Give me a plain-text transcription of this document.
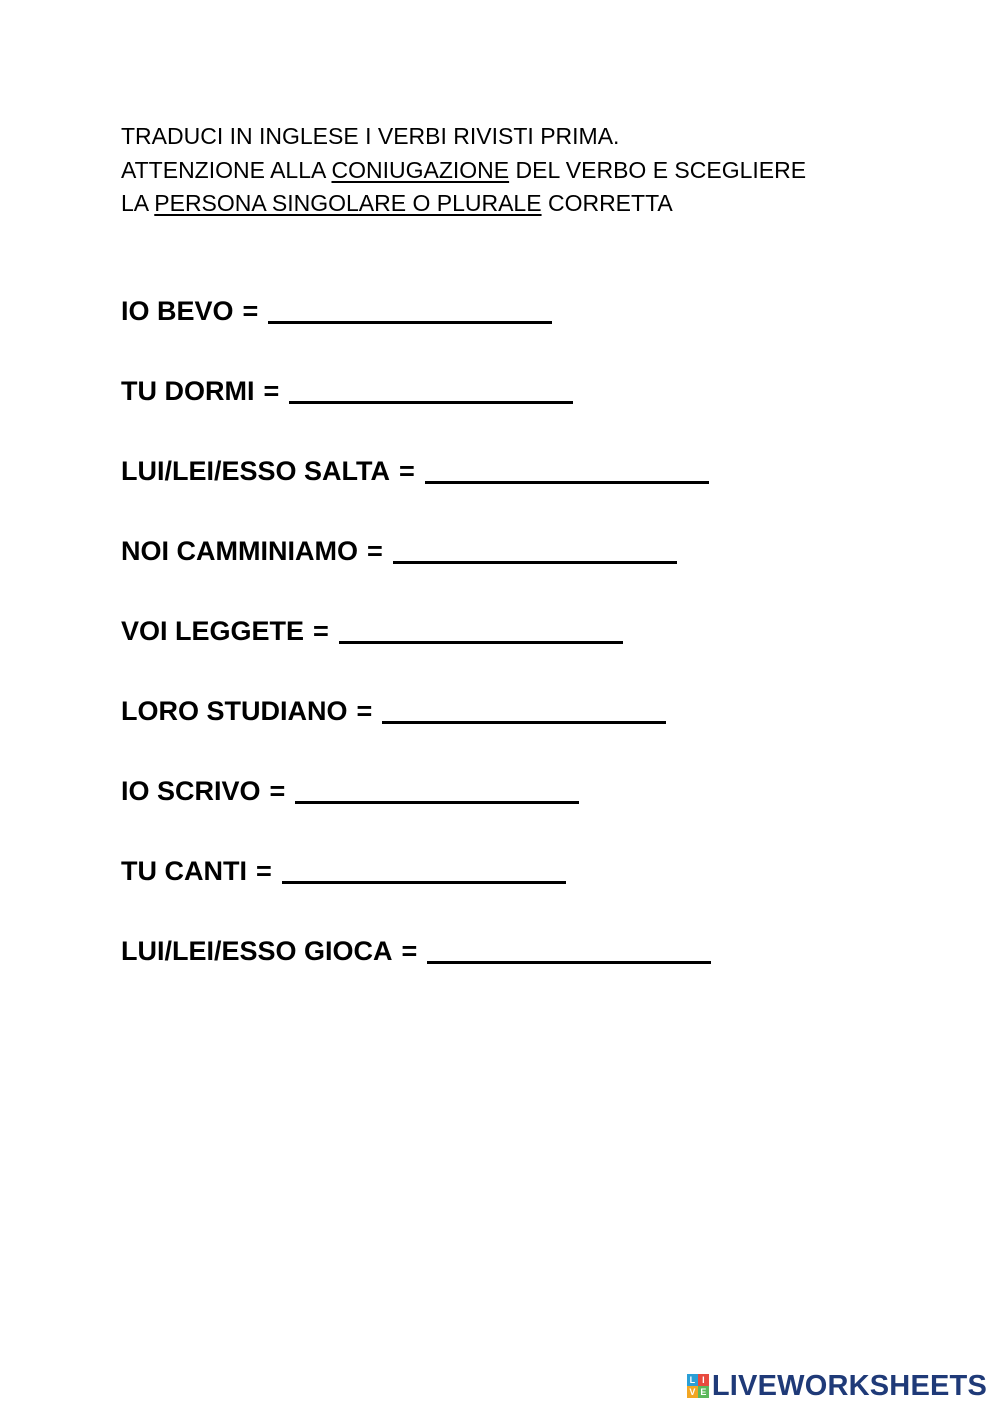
TRADUCI IN INGLESE I VERBI RIVISTI PRIMA.
ATTENZIONE ALLA CONIUGAZIONE DEL VERBO E SCEGLIERE
LA PERSONA SINGOLARE O PLURALE CORRETTA
IO BEVO =
TU DORMI =
LUI/LEI/ESSO SALTA =
NOI CAMMINIAMO =
VOI LEGGETE =
LORO STUDIANO =
IO SCRIVO =
TU CANTI =
LUI/LEI/ESSO GIOCA =
L I
V E LIVEWORKSHEETS
